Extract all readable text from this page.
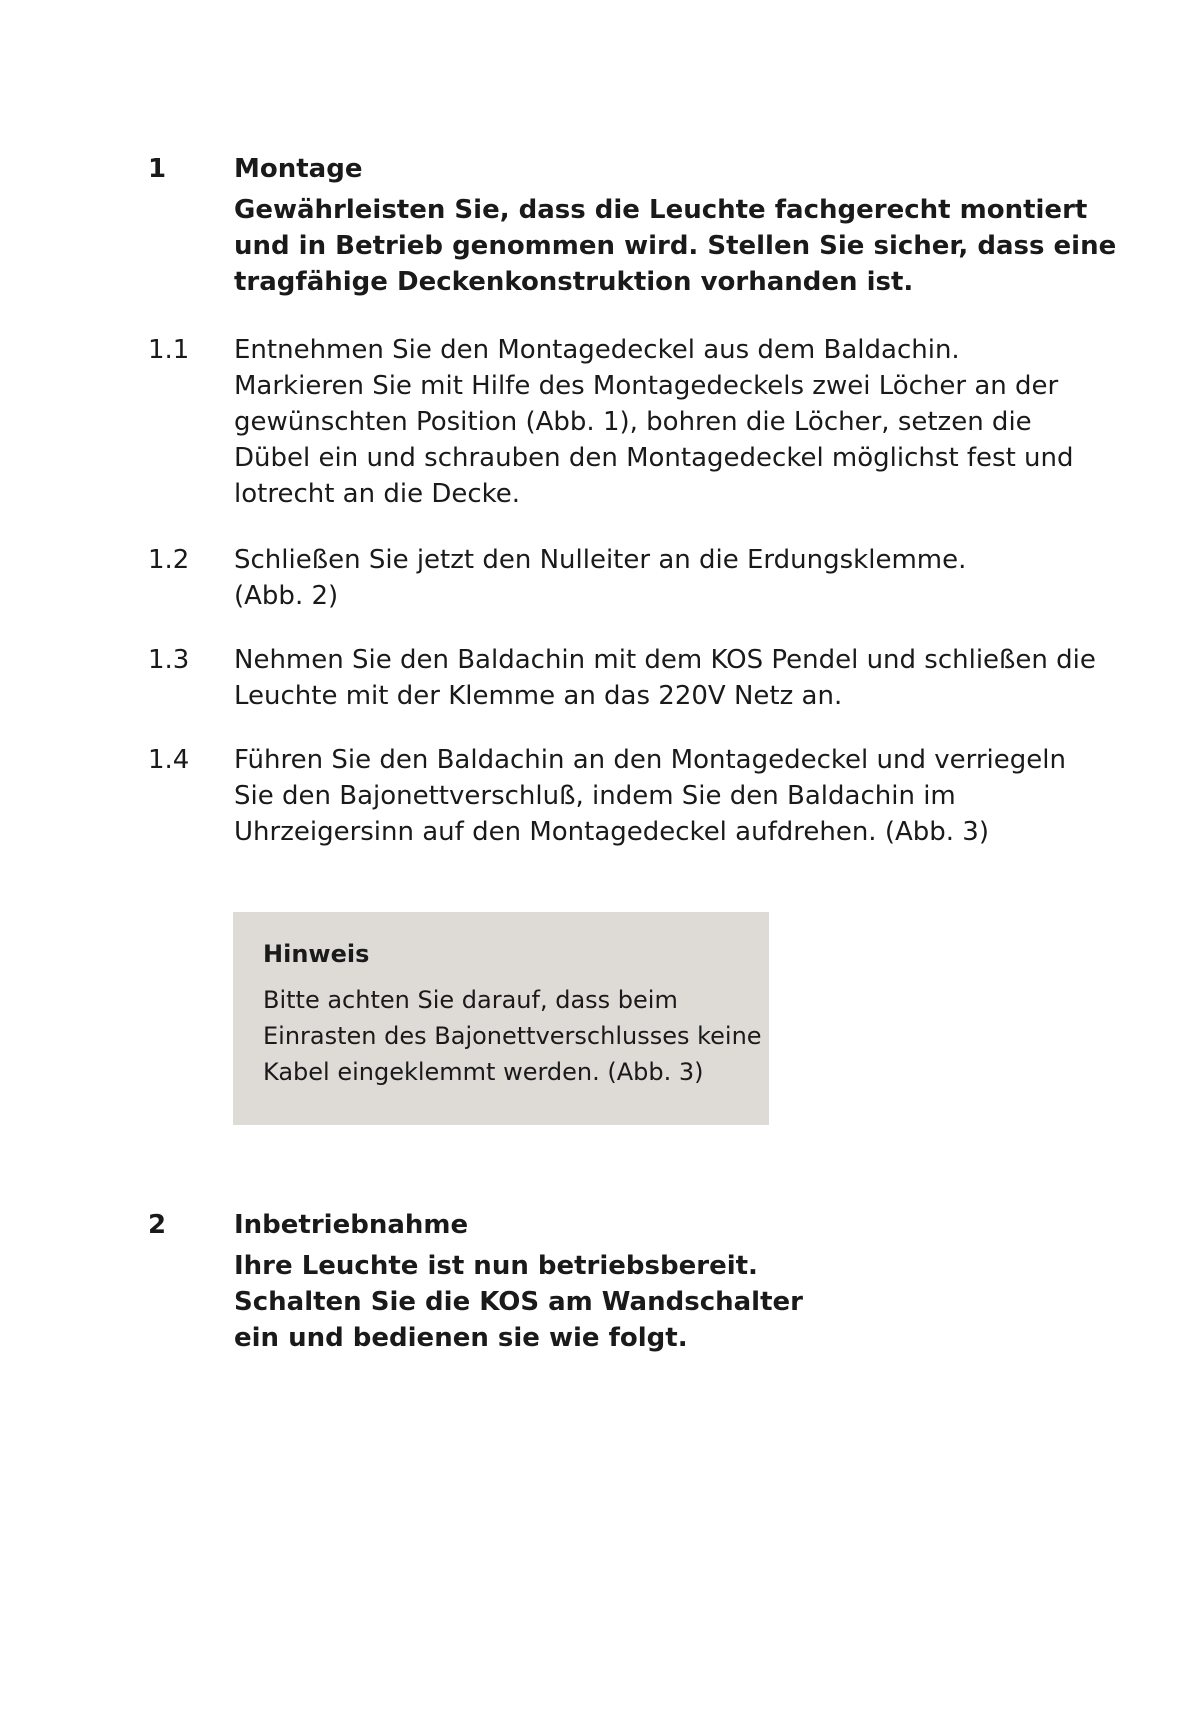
1	Montage

Gewährleisten Sie, dass die Leuchte fachgerecht montiert
und in Betrieb genommen wird. Stellen Sie sicher, dass eine
tragfähige Deckenkonstruktion vorhanden ist.

1.1	Entnehmen Sie den Montagedeckel aus dem Baldachin.
Markieren Sie mit Hilfe des Montagedeckels zwei Löcher an der
gewünschten Position (Abb. 1), bohren die Löcher, setzen die
Dübel ein und schrauben den Montagedeckel möglichst fest und
lotrecht an die Decke.

1.2	Schließen Sie jetzt den Nulleiter an die Erdungsklemme.
(Abb. 2)

1.3	Nehmen Sie den Baldachin mit dem KOS Pendel und schließen die
Leuchte mit der Klemme an das 220V Netz an.

1.4	Führen Sie den Baldachin an den Montagedeckel und verriegeln
Sie den Bajonettverschluß, indem Sie den Baldachin im
Uhrzeigersinn auf den Montagedeckel aufdrehen. (Abb. 3)

Hinweis

Bitte achten Sie darauf, dass beim
Einrasten des Bajonettverschlusses keine
Kabel eingeklemmt werden. (Abb. 3)

2	Inbetriebnahme

Ihre Leuchte ist nun betriebsbereit.
Schalten Sie die KOS am Wandschalter
ein und bedienen sie wie folgt.
